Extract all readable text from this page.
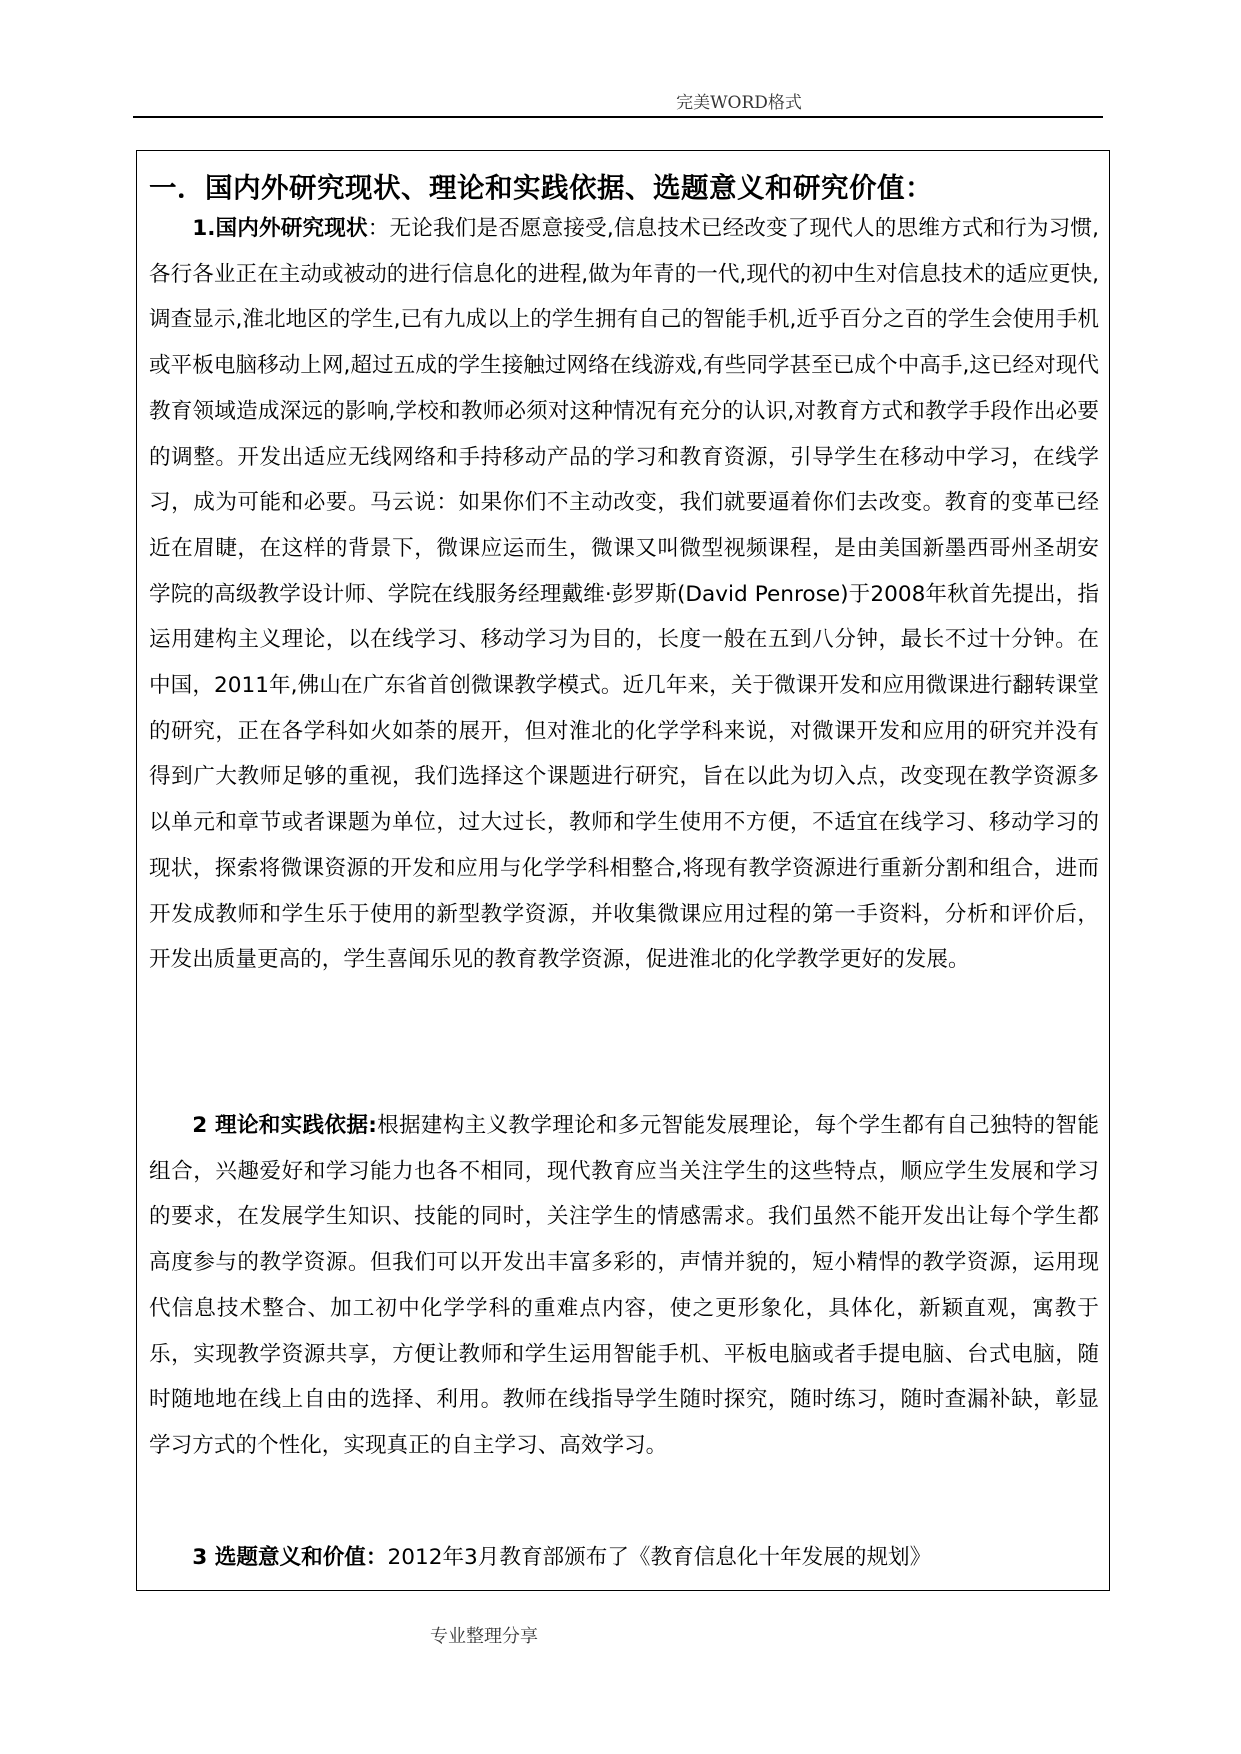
完美WORD格式
一．国内外研究现状、理论和实践依据、选题意义和研究价值：

1.国内外研究现状：无论我们是否愿意接受,信息技术已经改变了现代人的思维方式和行为习惯,各行各业正在主动或被动的进行信息化的进程,做为年青的一代,现代的初中生对信息技术的适应更快,调查显示,淮北地区的学生,已有九成以上的学生拥有自己的智能手机,近乎百分之百的学生会使用手机或平板电脑移动上网,超过五成的学生接触过网络在线游戏,有些同学甚至已成个中高手,这已经对现代教育领域造成深远的影响,学校和教师必须对这种情况有充分的认识,对教育方式和教学手段作出必要的调整。开发出适应无线网络和手持移动产品的学习和教育资源，引导学生在移动中学习，在线学习，成为可能和必要。马云说：如果你们不主动改变，我们就要逼着你们去改变。教育的变革已经近在眉睫，在这样的背景下，微课应运而生，微课又叫微型视频课程，是由美国新墨西哥州圣胡安学院的高级教学设计师、学院在线服务经理戴维·彭罗斯(David Penrose)于2008年秋首先提出，指运用建构主义理论，以在线学习、移动学习为目的，长度一般在五到八分钟，最长不过十分钟。在中国，2011年,佛山在广东省首创微课教学模式。近几年来，关于微课开发和应用微课进行翻转课堂的研究，正在各学科如火如荼的展开，但对淮北的化学学科来说，对微课开发和应用的研究并没有得到广大教师足够的重视，我们选择这个课题进行研究，旨在以此为切入点，改变现在教学资源多以单元和章节或者课题为单位，过大过长，教师和学生使用不方便，不适宜在线学习、移动学习的现状，探索将微课资源的开发和应用与化学学科相整合,将现有教学资源进行重新分割和组合，进而开发成教师和学生乐于使用的新型教学资源，并收集微课应用过程的第一手资料，分析和评价后，开发出质量更高的，学生喜闻乐见的教育教学资源，促进淮北的化学教学更好的发展。

2 理论和实践依据:根据建构主义教学理论和多元智能发展理论，每个学生都有自己独特的智能组合，兴趣爱好和学习能力也各不相同，现代教育应当关注学生的这些特点，顺应学生发展和学习的要求，在发展学生知识、技能的同时，关注学生的情感需求。我们虽然不能开发出让每个学生都高度参与的教学资源。但我们可以开发出丰富多彩的，声情并貌的，短小精悍的教学资源，运用现代信息技术整合、加工初中化学学科的重难点内容，使之更形象化，具体化，新颖直观，寓教于乐，实现教学资源共享，方便让教师和学生运用智能手机、平板电脑或者手提电脑、台式电脑，随时随地地在线上自由的选择、利用。教师在线指导学生随时探究，随时练习，随时查漏补缺，彰显学习方式的个性化，实现真正的自主学习、高效学习。

3 选题意义和价值：2012年3月教育部颁布了《教育信息化十年发展的规划》

专业整理分享
